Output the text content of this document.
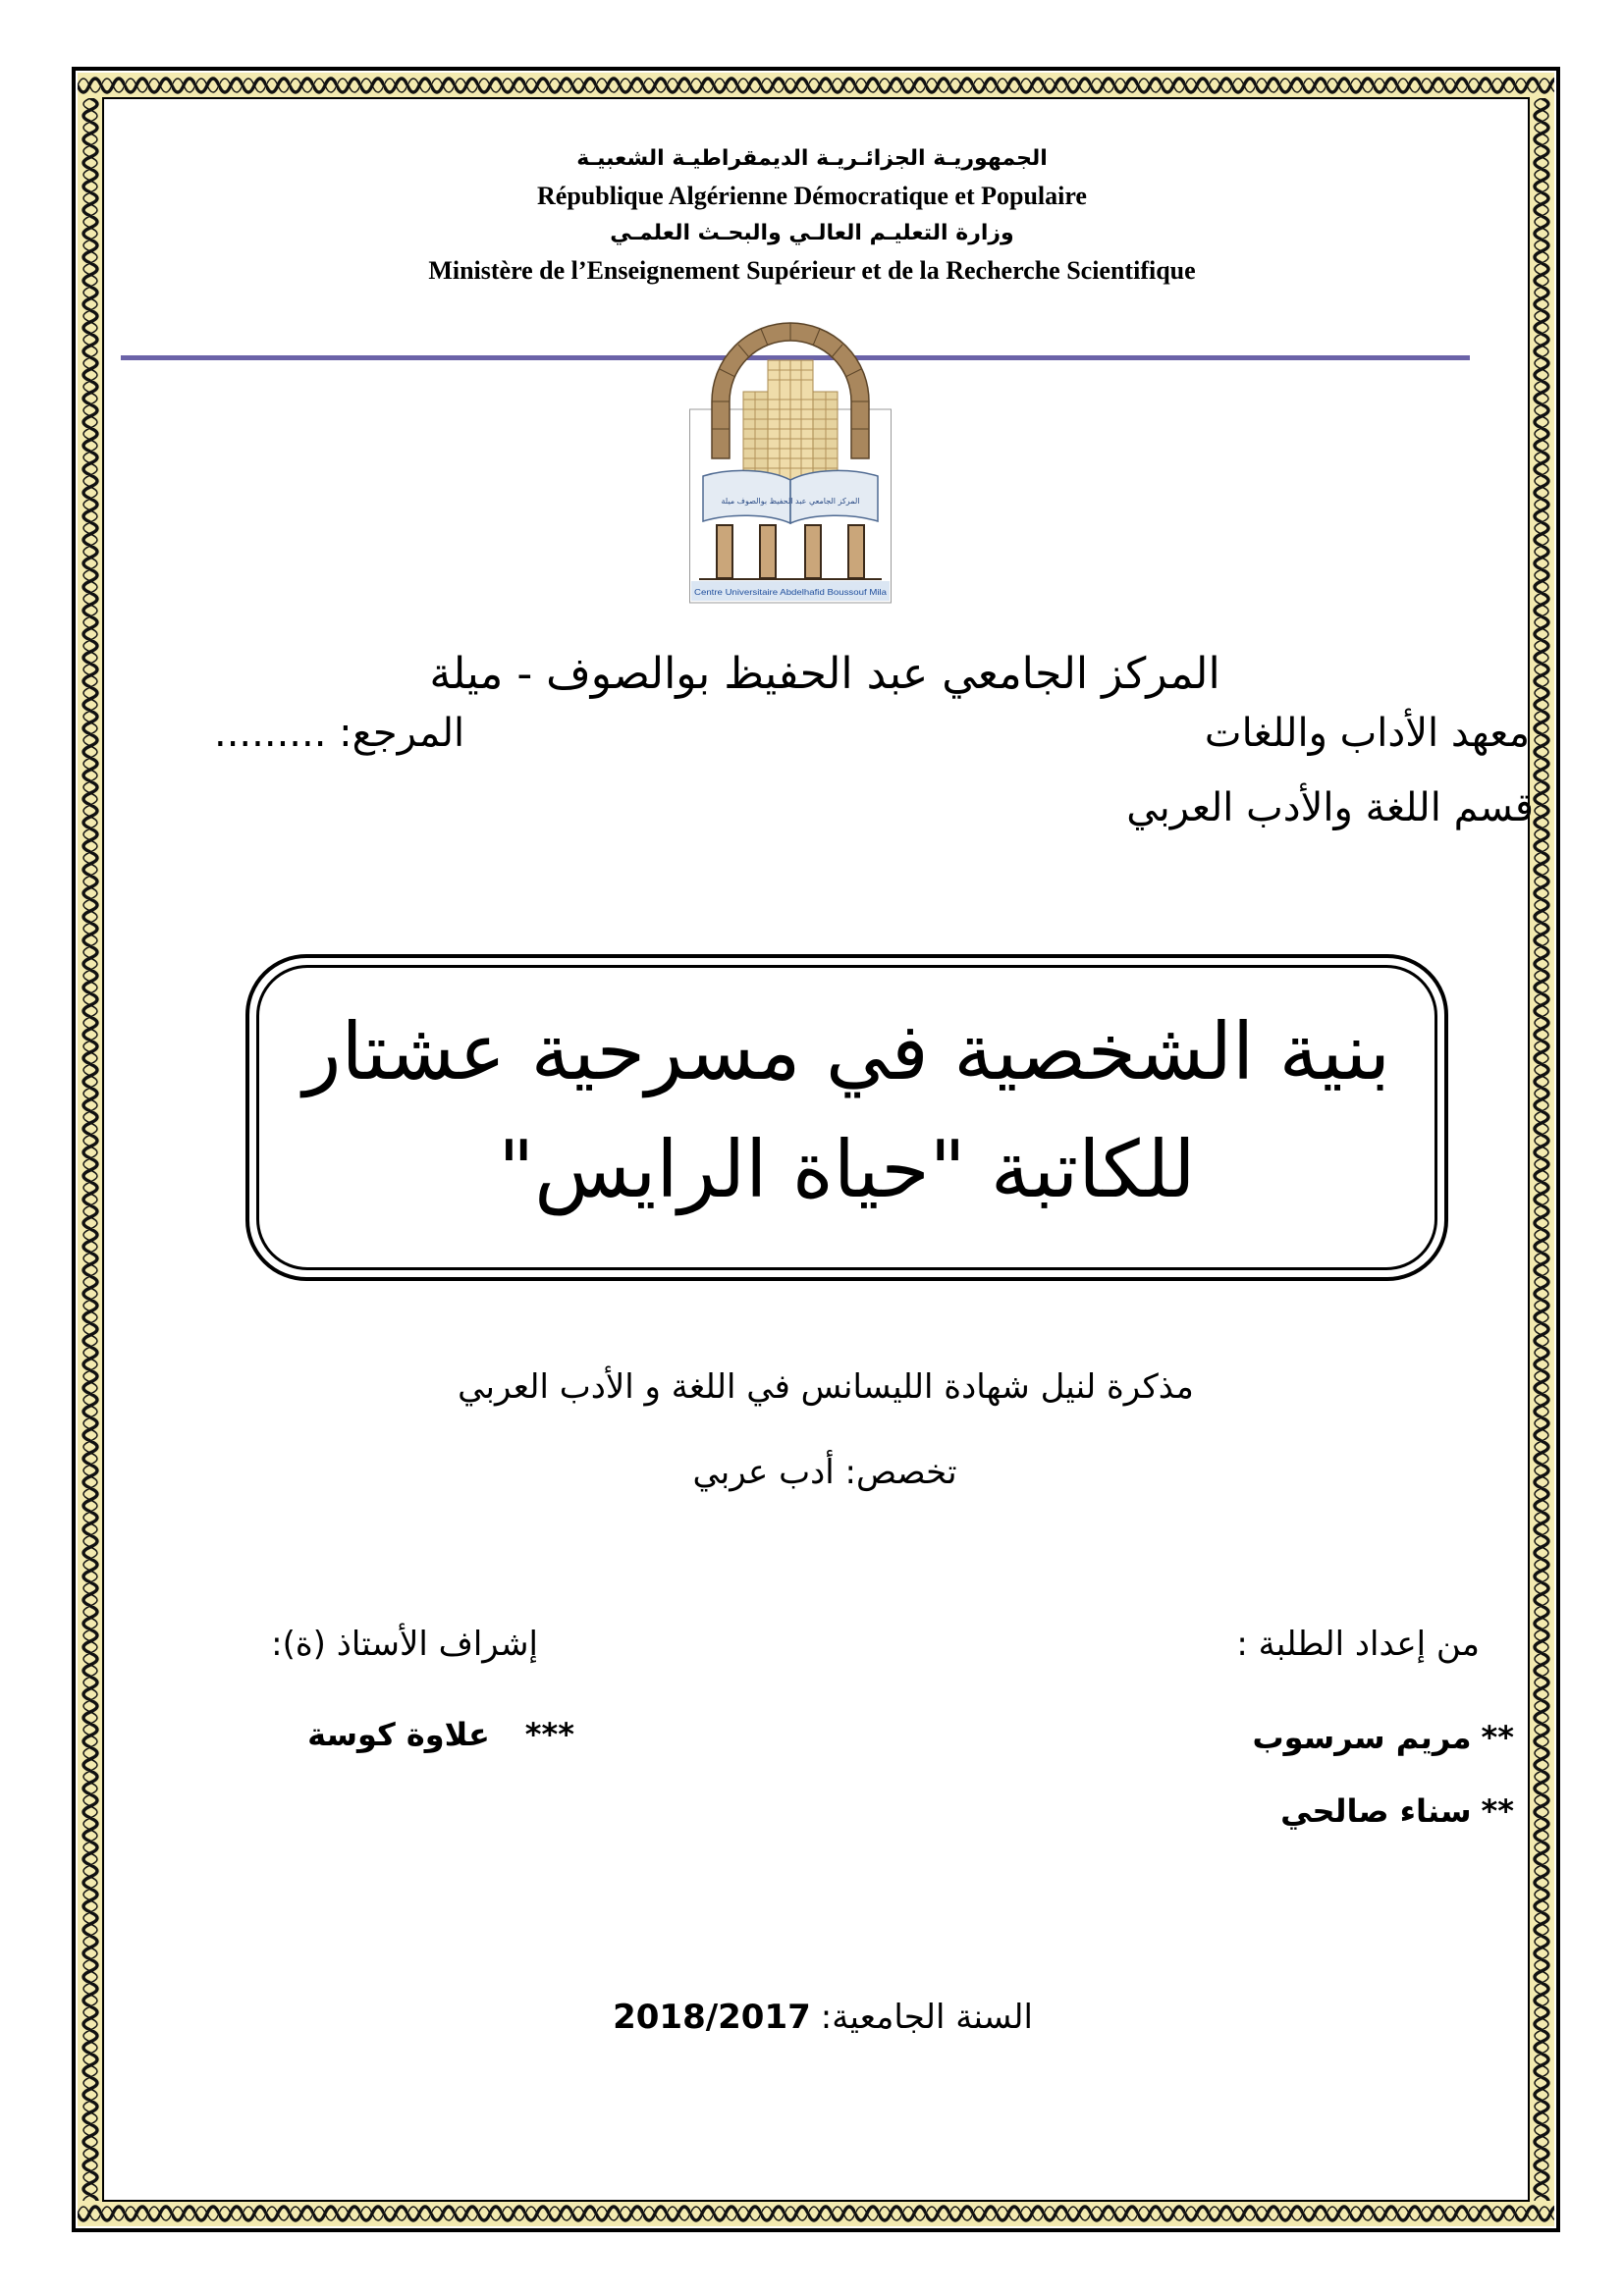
الجمهوريـة الجزائـريـة الديمقراطيـة الشعبيـة
République Algérienne Démocratique et Populaire
وزارة التعليـم العالـي والبحـث العلمـي
Ministère de l’Enseignement Supérieur et de la Recherche Scientifique
المركز الجامعي عبد الحفيظ بوالصوف ميلة
Centre Universitaire Abdelhafid Boussouf Mila
المركز الجامعي عبد الحفيظ بوالصوف - ميلة
معهد الأداب واللغات
المرجع: .........
قسم اللغة والأدب العربي
بنية الشخصية في مسرحية عشتار
للكاتبة "حياة الرايس"
مذكرة لنيل شهادة الليسانس في اللغة و الأدب العربي
تخصص: أدب عربي
من إعداد الطلبة :
إشراف الأستاذ (ة):
**مريم سرسوب
**سناء صالحي
***علاوة كوسة
السنة الجامعية:2018/2017
